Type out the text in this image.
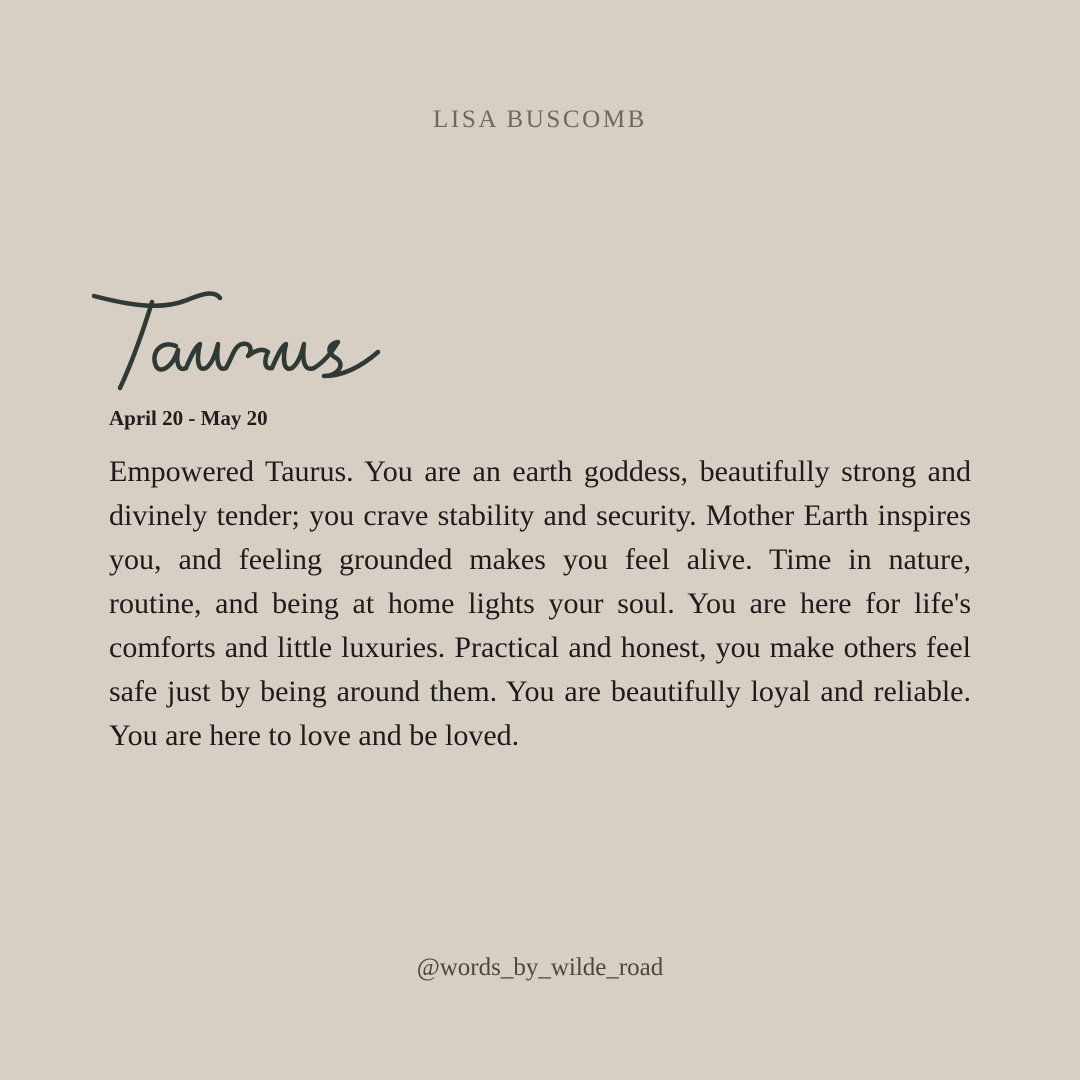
LISA BUSCOMB
April 20 - May 20

Empowered Taurus. You are an earth goddess, beautifully strong and divinely tender; you crave stability and security. Mother Earth inspires you, and feeling grounded makes you feel alive. Time in nature, routine, and being at home lights your soul. You are here for life's comforts and little luxuries. Practical and honest, you make others feel safe just by being around them. You are beautifully loyal and reliable. You are here to love and be loved.

@words_by_wilde_road
